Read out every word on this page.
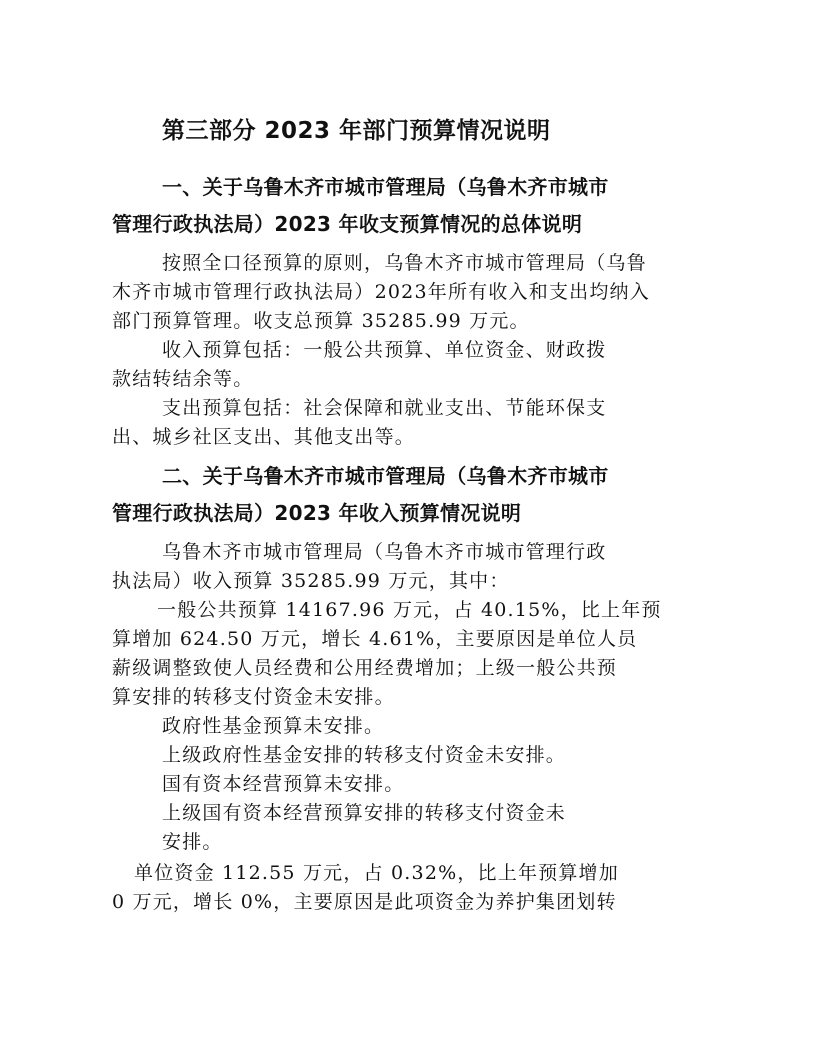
第三部分 2023 年部门预算情况说明
一、关于乌鲁木齐市城市管理局（乌鲁木齐市城市
管理行政执法局）2023 年收支预算情况的总体说明

按照全口径预算的原则，乌鲁木齐市城市管理局（乌鲁

木齐市城市管理行政执法局）2023年所有收入和支出均纳入

部门预算管理。收支总预算 35285.99 万元。

收入预算包括：一般公共预算、单位资金、财政拨

款结转结余等。

支出预算包括：社会保障和就业支出、节能环保支

出、城乡社区支出、其他支出等。

二、关于乌鲁木齐市城市管理局（乌鲁木齐市城市
管理行政执法局）2023 年收入预算情况说明

乌鲁木齐市城市管理局（乌鲁木齐市城市管理行政

执法局）收入预算 35285.99 万元，其中：

一般公共预算 14167.96 万元，占 40.15%，比上年预

算增加 624.50 万元，增长 4.61%，主要原因是单位人员

薪级调整致使人员经费和公用经费增加；上级一般公共预

算安排的转移支付资金未安排。

政府性基金预算未安排。

上级政府性基金安排的转移支付资金未安排。

国有资本经营预算未安排。

上级国有资本经营预算安排的转移支付资金未

安排。

单位资金 112.55 万元，占 0.32%，比上年预算增加

0 万元，增长 0%，主要原因是此项资金为养护集团划转
